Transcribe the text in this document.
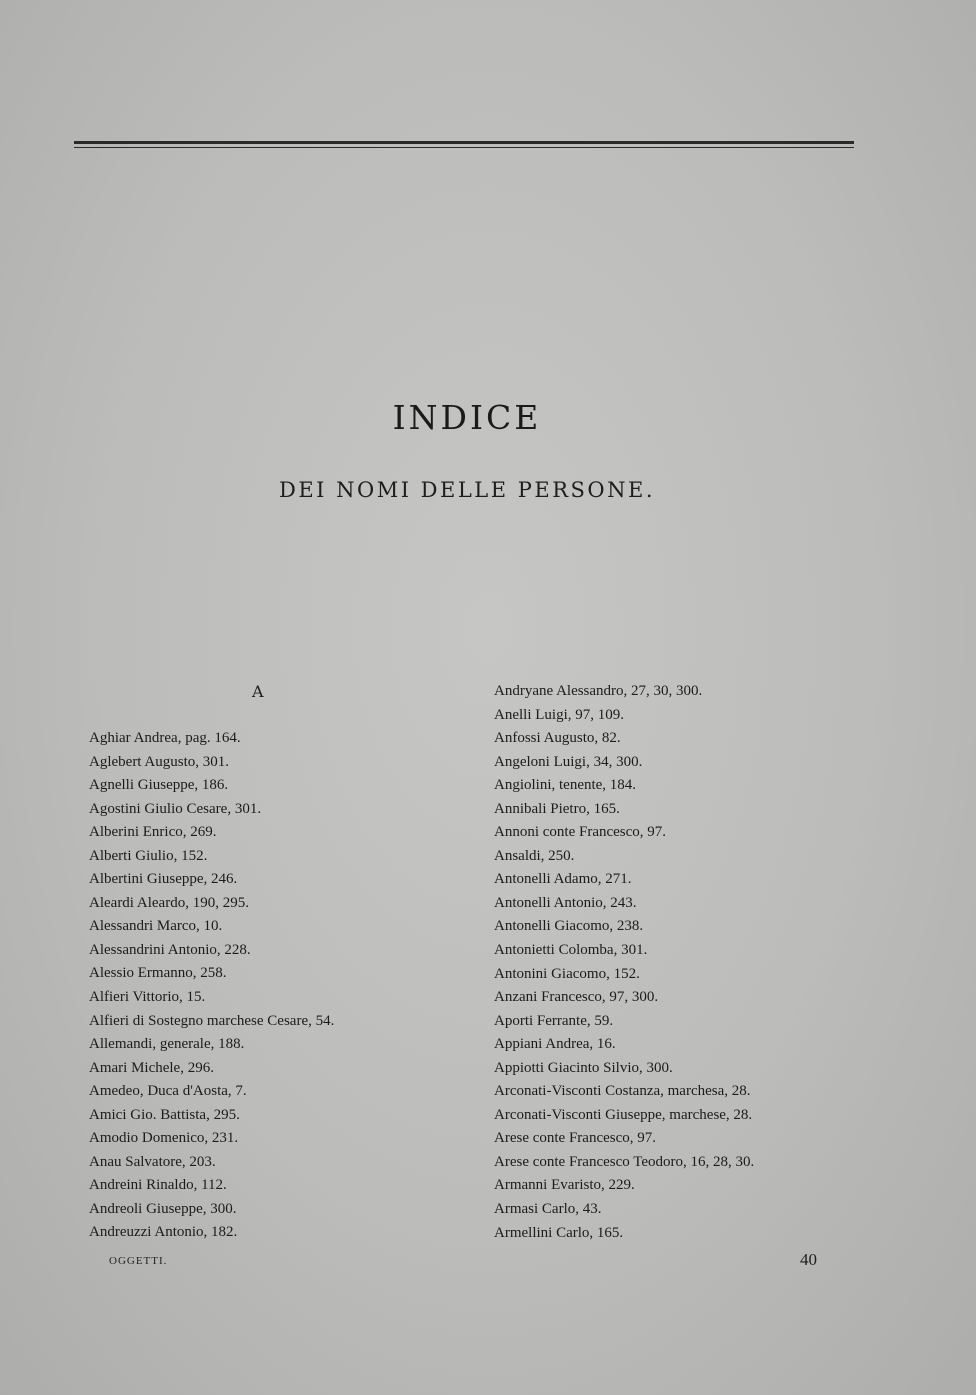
INDICE
DEI NOMI DELLE PERSONE.
A
Aghiar Andrea, pag. 164.
Aglebert Augusto, 301.
Agnelli Giuseppe, 186.
Agostini Giulio Cesare, 301.
Alberini Enrico, 269.
Alberti Giulio, 152.
Albertini Giuseppe, 246.
Aleardi Aleardo, 190, 295.
Alessandri Marco, 10.
Alessandrini Antonio, 228.
Alessio Ermanno, 258.
Alfieri Vittorio, 15.
Alfieri di Sostegno marchese Cesare, 54.
Allemandi, generale, 188.
Amari Michele, 296.
Amedeo, Duca d'Aosta, 7.
Amici Gio. Battista, 295.
Amodio Domenico, 231.
Anau Salvatore, 203.
Andreini Rinaldo, 112.
Andreoli Giuseppe, 300.
Andreuzzi Antonio, 182.
Andryane Alessandro, 27, 30, 300.
Anelli Luigi, 97, 109.
Anfossi Augusto, 82.
Angeloni Luigi, 34, 300.
Angiolini, tenente, 184.
Annibali Pietro, 165.
Annoni conte Francesco, 97.
Ansaldi, 250.
Antonelli Adamo, 271.
Antonelli Antonio, 243.
Antonelli Giacomo, 238.
Antonietti Colomba, 301.
Antonini Giacomo, 152.
Anzani Francesco, 97, 300.
Aporti Ferrante, 59.
Appiani Andrea, 16.
Appiotti Giacinto Silvio, 300.
Arconati-Visconti Costanza, marchesa, 28.
Arconati-Visconti Giuseppe, marchese, 28.
Arese conte Francesco, 97.
Arese conte Francesco Teodoro, 16, 28, 30.
Armanni Evaristo, 229.
Armasi Carlo, 43.
Armellini Carlo, 165.
OGGETTI.	40
